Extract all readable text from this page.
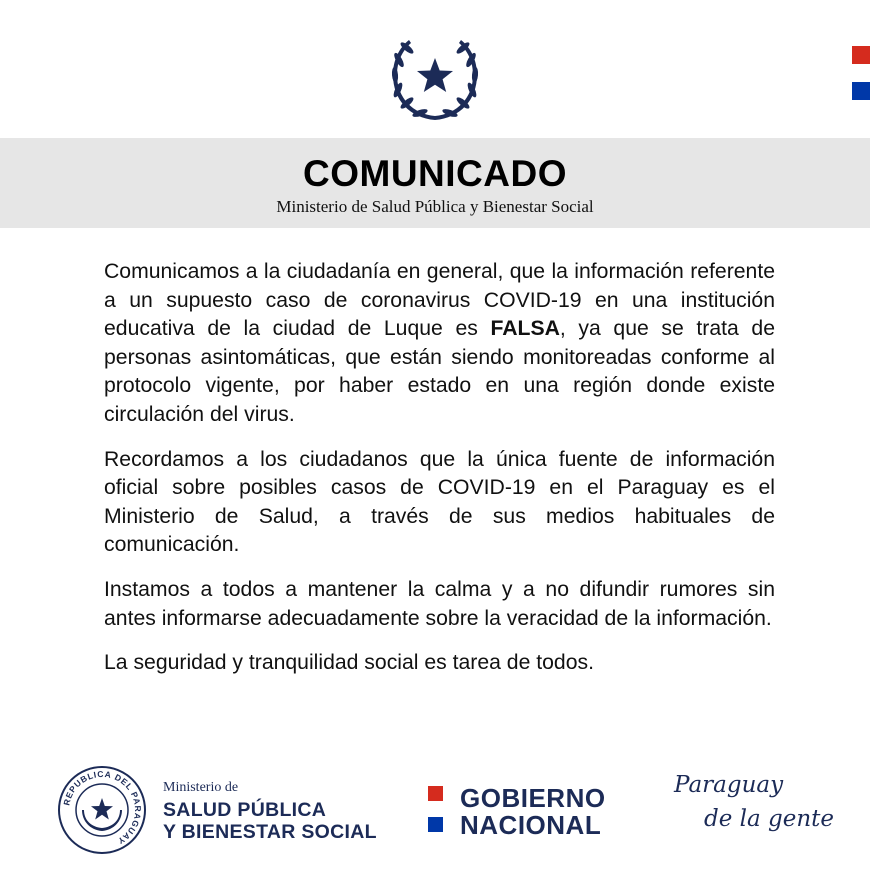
COMUNICADO
Ministerio de Salud Pública y Bienestar Social

Comunicamos a la ciudadanía en general, que la información referente a un supuesto caso de coronavirus COVID-19 en una institución educativa de la ciudad de Luque es FALSA, ya que se trata de personas asintomáticas, que están siendo monitoreadas conforme al protocolo vigente, por haber estado en una región donde existe circulación del virus.

Recordamos a los ciudadanos que la única fuente de información oficial sobre posibles casos de COVID-19 en el Paraguay es el Ministerio de Salud, a través de sus medios habituales de comunicación.

Instamos a todos a mantener la calma y a no difundir rumores sin antes informarse adecuadamente sobre la veracidad de la información.

La seguridad y tranquilidad social es tarea de todos.

REPUBLICA DEL PARAGUAY
Ministerio de
SALUD PÚBLICA
Y BIENESTAR SOCIAL
GOBIERNO
NACIONAL
Paraguay
de la gente
